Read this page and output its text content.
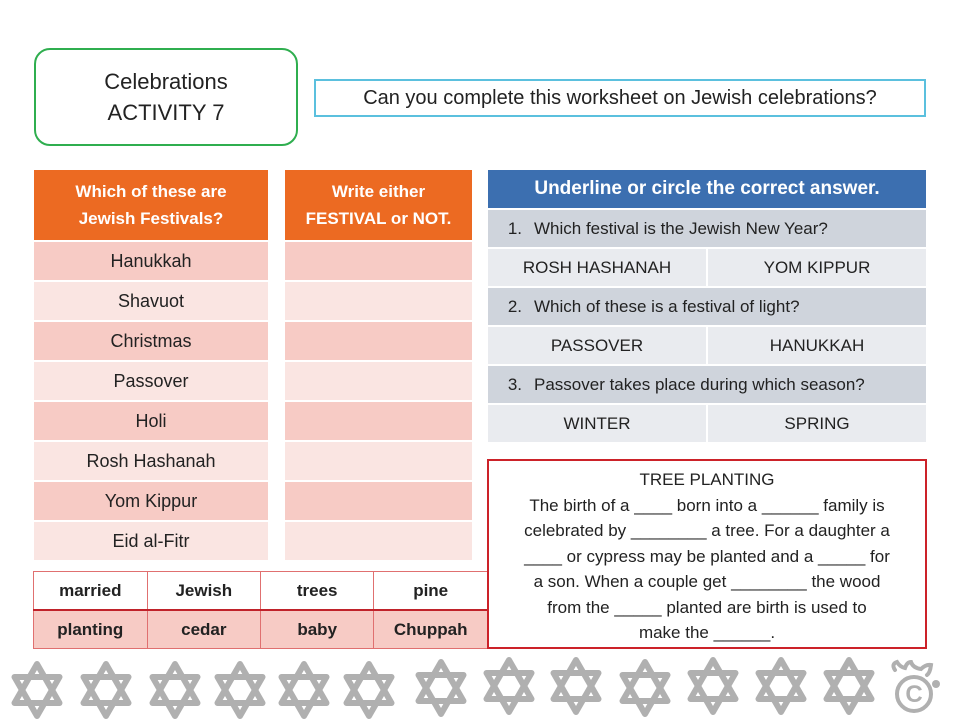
Celebrations
ACTIVITY 7
Can you complete this worksheet on Jewish celebrations?
Which of these are
Jewish Festivals?
Hanukkah
Shavuot
Christmas
Passover
Holi
Rosh Hashanah
Yom Kippur
Eid al-Fitr
Write either
FESTIVAL or NOT.
Underline or circle the correct answer.
1. Which festival is the Jewish New Year?
ROSH HASHANAH	YOM KIPPUR
2. Which of these is a festival of light?
PASSOVER	HANUKKAH
3. Passover takes place during which season?
WINTER	SPRING
TREE PLANTING
The birth of a ____ born into a ______ family is
celebrated by ________ a tree. For a daughter a
____ or cypress may be planted and a _____ for
a son. When a couple get ________ the wood
from the _____ planted are birth is used to
make the ______.
married	Jewish	trees	pine
planting	cedar	baby	Chuppah
C
